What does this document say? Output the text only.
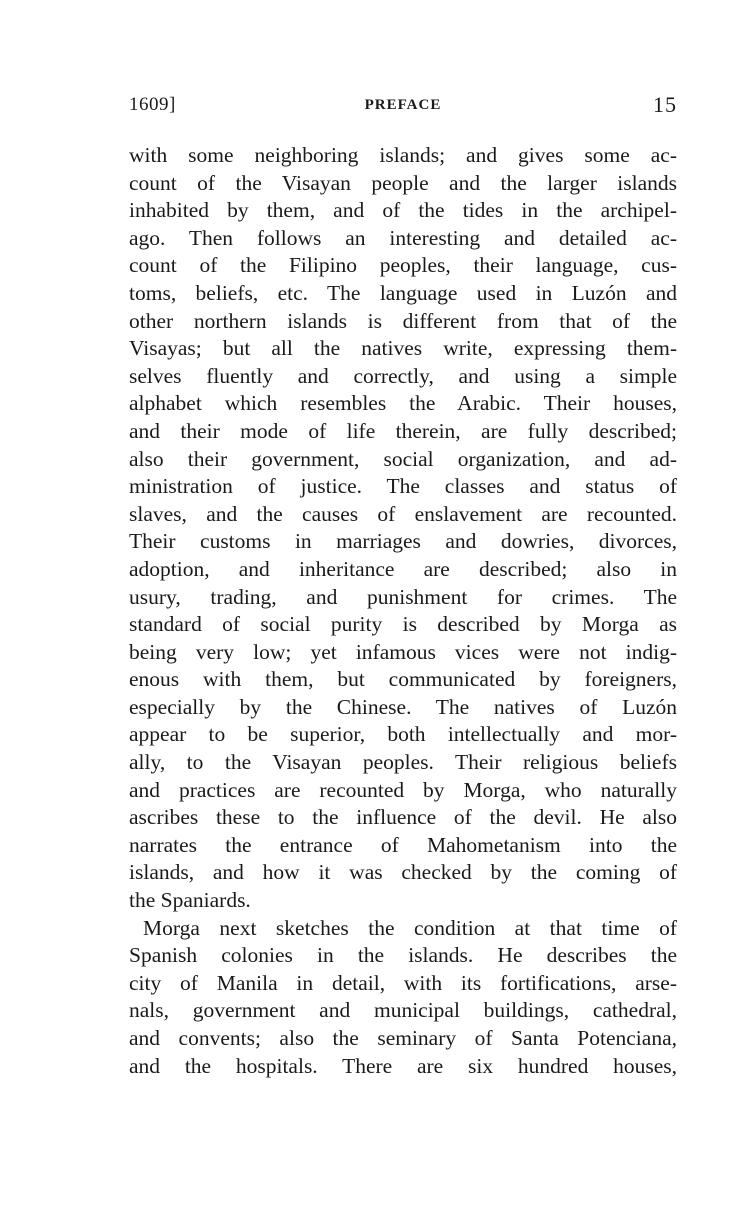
1609]	PREFACE	15
with some neighboring islands; and gives some ac-
count of the Visayan people and the larger islands
inhabited by them, and of the tides in the archipel-
ago. Then follows an interesting and detailed ac-
count of the Filipino peoples, their language, cus-
toms, beliefs, etc. The language used in Luzón and
other northern islands is different from that of the
Visayas; but all the natives write, expressing them-
selves fluently and correctly, and using a simple
alphabet which resembles the Arabic. Their houses,
and their mode of life therein, are fully described;
also their government, social organization, and ad-
ministration of justice. The classes and status of
slaves, and the causes of enslavement are recounted.
Their customs in marriages and dowries, divorces,
adoption, and inheritance are described; also in
usury, trading, and punishment for crimes. The
standard of social purity is described by Morga as
being very low; yet infamous vices were not indig-
enous with them, but communicated by foreigners,
especially by the Chinese. The natives of Luzón
appear to be superior, both intellectually and mor-
ally, to the Visayan peoples. Their religious beliefs
and practices are recounted by Morga, who naturally
ascribes these to the influence of the devil. He also
narrates the entrance of Mahometanism into the
islands, and how it was checked by the coming of
the Spaniards.
Morga next sketches the condition at that time of
Spanish colonies in the islands. He describes the
city of Manila in detail, with its fortifications, arse-
nals, government and municipal buildings, cathedral,
and convents; also the seminary of Santa Potenciana,
and the hospitals. There are six hundred houses,
